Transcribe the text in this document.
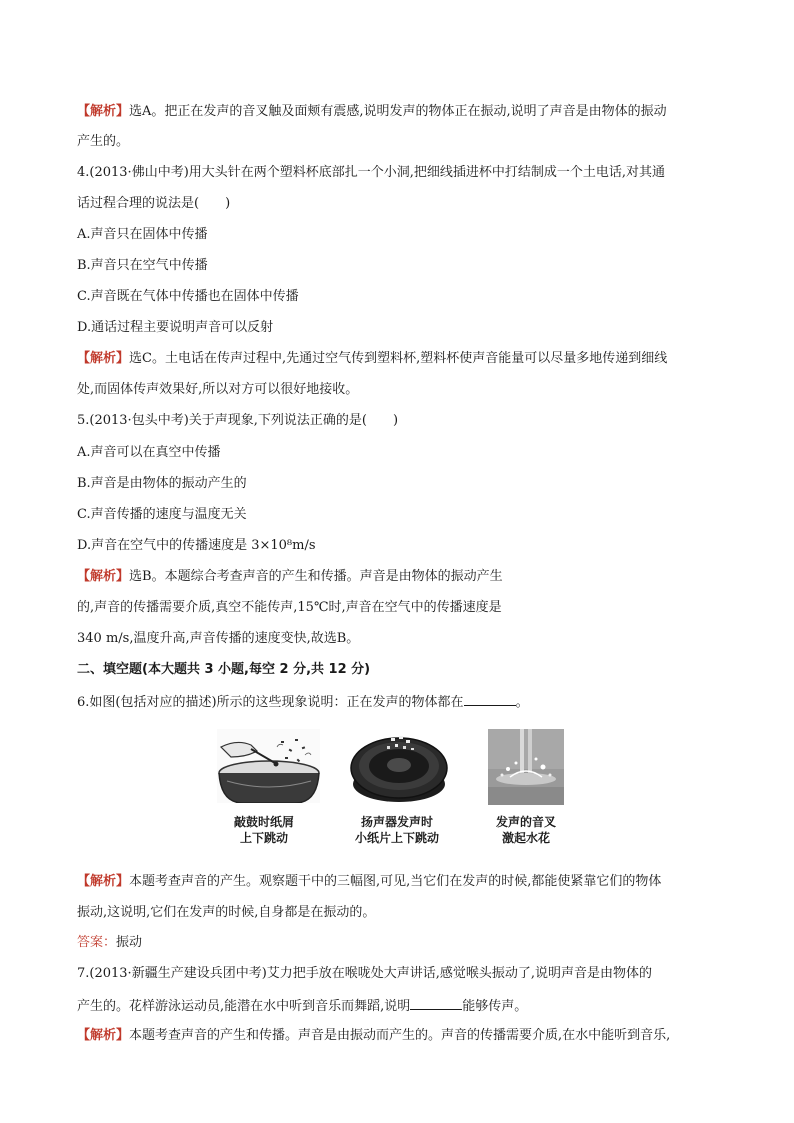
【解析】选A。把正在发声的音叉触及面颊有震感,说明发声的物体正在振动,说明了声音是由物体的振动
产生的。
4.(2013·佛山中考)用大头针在两个塑料杯底部扎一个小洞,把细线插进杯中打结制成一个土电话,对其通
话过程合理的说法是(　　)
A.声音只在固体中传播
B.声音只在空气中传播
C.声音既在气体中传播也在固体中传播
D.通话过程主要说明声音可以反射
【解析】选C。土电话在传声过程中,先通过空气传到塑料杯,塑料杯使声音能量可以尽量多地传递到细线
处,而固体传声效果好,所以对方可以很好地接收。
5.(2013·包头中考)关于声现象,下列说法正确的是(　　)
A.声音可以在真空中传播
B.声音是由物体的振动产生的
C.声音传播的速度与温度无关
D.声音在空气中的传播速度是 3×10⁸m/s
【解析】选B。本题综合考查声音的产生和传播。声音是由物体的振动产生
的,声音的传播需要介质,真空不能传声,15℃时,声音在空气中的传播速度是
340 m/s,温度升高,声音传播的速度变快,故选B。
二、填空题(本大题共 3 小题,每空 2 分,共 12 分)
6.如图(包括对应的描述)所示的这些现象说明：正在发声的物体都在	。
敲鼓时纸屑
上下跳动
扬声器发声时
小纸片上下跳动
发声的音叉
激起水花
【解析】本题考查声音的产生。观察题干中的三幅图,可见,当它们在发声的时候,都能使紧靠它们的物体
振动,这说明,它们在发声的时候,自身都是在振动的。
答案：振动
7.(2013·新疆生产建设兵团中考)艾力把手放在喉咙处大声讲话,感觉喉头振动了,说明声音是由物体的
产生的。花样游泳运动员,能潜在水中听到音乐而舞蹈,说明	能够传声。
【解析】本题考查声音的产生和传播。声音是由振动而产生的。声音的传播需要介质,在水中能听到音乐,
